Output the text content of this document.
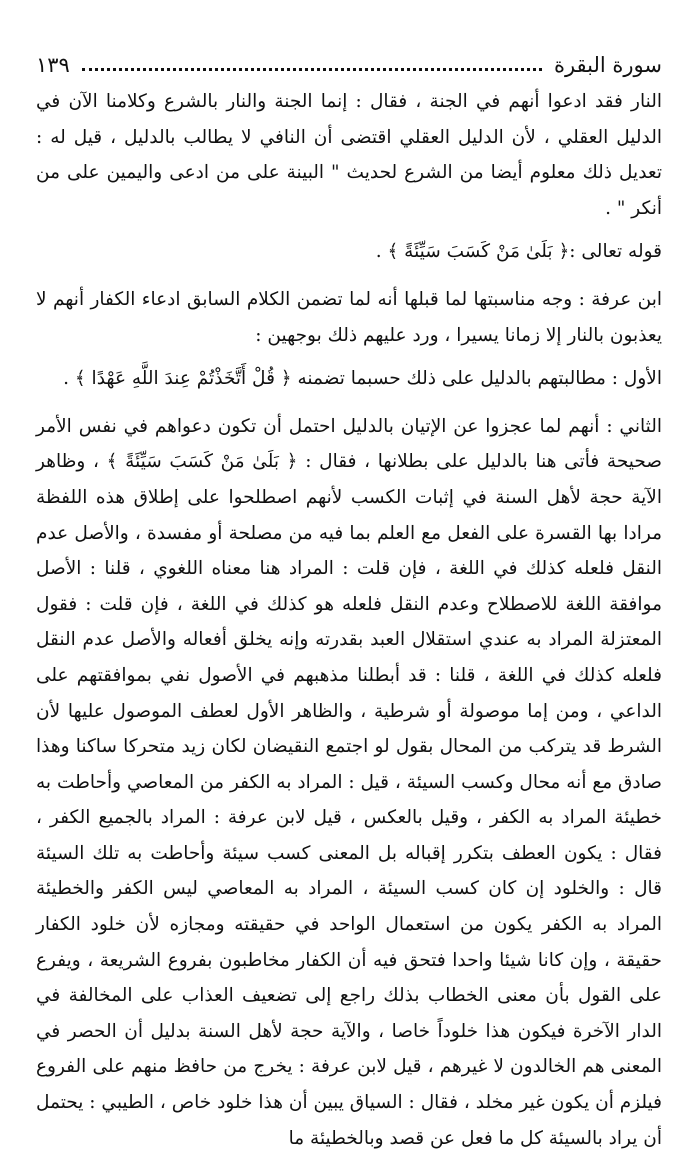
سورة البقرة
١٣٩

النار فقد ادعوا أنهم في الجنة ، فقال : إنما الجنة والنار بالشرع وكلامنا الآن في الدليل العقلي ، لأن الدليل العقلي اقتضى أن النافي لا يطالب بالدليل ، قيل له : تعديل ذلك معلوم أيضا من الشرع لحديث " البينة على من ادعى واليمين على من أنكر " .

قوله تعالى :﴿ بَلَىٰ مَنْ كَسَبَ سَيِّئَةً ﴾ .

ابن عرفة : وجه مناسبتها لما قبلها أنه لما تضمن الكلام السابق ادعاء الكفار أنهم لا يعذبون بالنار إلا زمانا يسيرا ، ورد عليهم ذلك بوجهين :

الأول : مطالبتهم بالدليل على ذلك حسبما تضمنه ﴿ قُلْ أَتَّخَذْتُمْ عِندَ اللَّهِ عَهْدًا ﴾ .

الثاني : أنهم لما عجزوا عن الإتيان بالدليل احتمل أن تكون دعواهم في نفس الأمر صحيحة فأتى هنا بالدليل على بطلانها ، فقال : ﴿ بَلَىٰ مَنْ كَسَبَ سَيِّئَةً ﴾ ، وظاهر الآية حجة لأهل السنة في إثبات الكسب لأنهم اصطلحوا على إطلاق هذه اللفظة مرادا بها القسرة على الفعل مع العلم بما فيه من مصلحة أو مفسدة ، والأصل عدم النقل فلعله كذلك في اللغة ، فإن قلت : المراد هنا معناه اللغوي ، قلنا : الأصل موافقة اللغة للاصطلاح وعدم النقل فلعله هو كذلك في اللغة ، فإن قلت : فقول المعتزلة المراد به عندي استقلال العبد بقدرته وإنه يخلق أفعاله والأصل عدم النقل فلعله كذلك في اللغة ، قلنا : قد أبطلنا مذهبهم في الأصول نفي بموافقتهم على الداعي ، ومن إما موصولة أو شرطية ، والظاهر الأول لعطف الموصول عليها لأن الشرط قد يتركب من المحال بقول لو اجتمع النقيضان لكان زيد متحركا ساكنا وهذا صادق مع أنه محال وكسب السيئة ، قيل : المراد به الكفر من المعاصي وأحاطت به خطيئة المراد به الكفر ، وقيل بالعكس ، قيل لابن عرفة : المراد بالجميع الكفر ، فقال : يكون العطف بتكرر إقباله بل المعنى كسب سيئة وأحاطت به تلك السيئة قال : والخلود إن كان كسب السيئة ، المراد به المعاصي ليس الكفر والخطيئة المراد به الكفر يكون من استعمال الواحد في حقيقته ومجازه لأن خلود الكفار حقيقة ، وإن كانا شيئا واحدا فتحق فيه أن الكفار مخاطبون بفروع الشريعة ، ويفرع على القول بأن معنى الخطاب بذلك راجع إلى تضعيف العذاب على المخالفة في الدار الآخرة فيكون هذا خلوداً خاصا ، والآية حجة لأهل السنة بدليل أن الحصر في المعنى هم الخالدون لا غيرهم ، قيل لابن عرفة : يخرج من حافظ منهم على الفروع فيلزم أن يكون غير مخلد ، فقال : السياق يبين أن هذا خلود خاص ، الطيبي : يحتمل أن يراد بالسيئة كل ما فعل عن قصد وبالخطيئة ما
